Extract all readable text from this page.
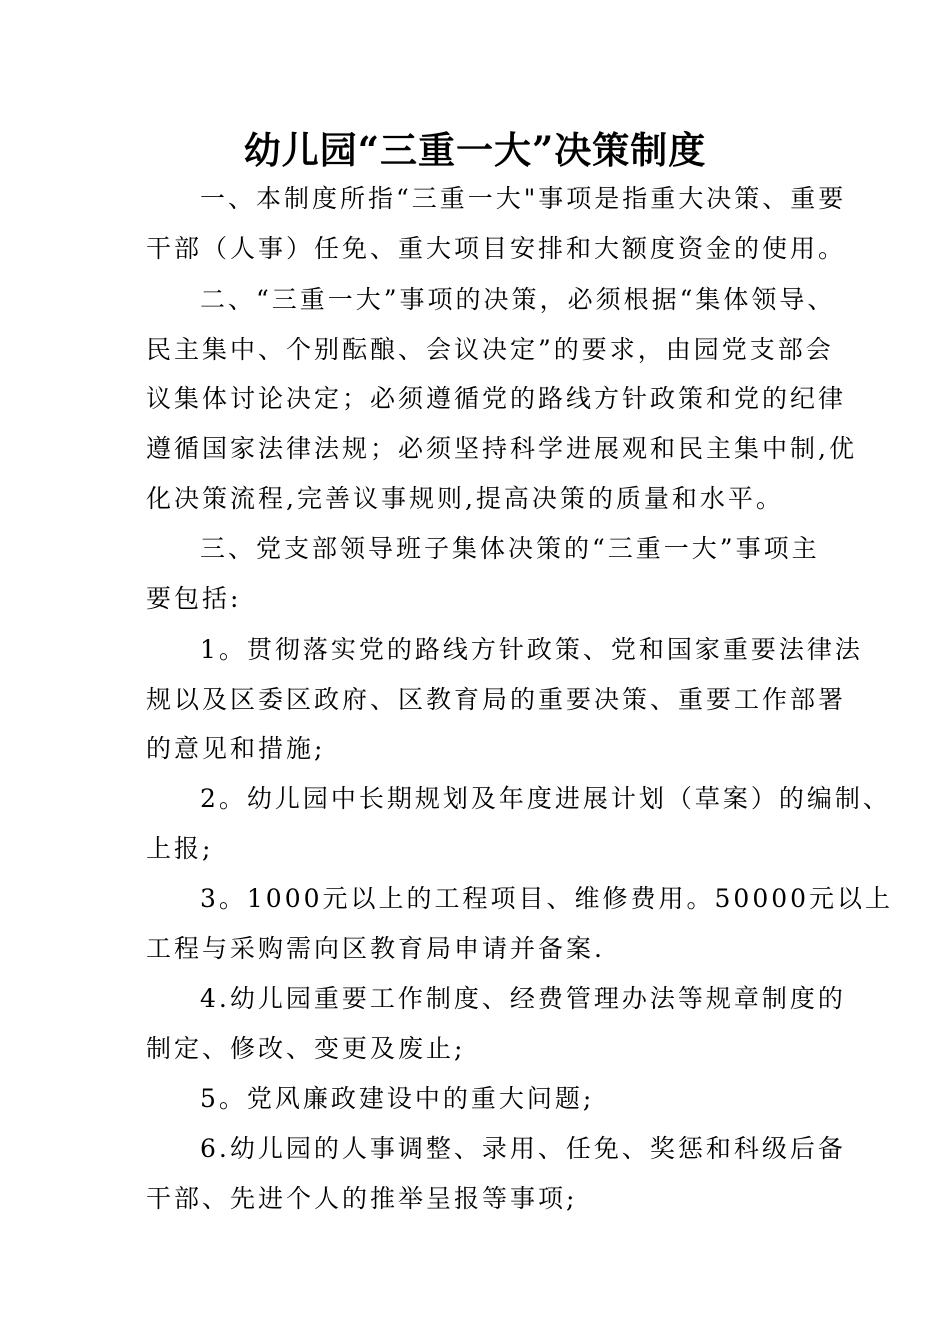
幼儿园“三重一大”决策制度
一、本制度所指“三重一大"事项是指重大决策、重要
干部（人事）任免、重大项目安排和大额度资金的使用。
二、“三重一大”事项的决策，必须根据“集体领导、
民主集中、个别酝酿、会议决定”的要求，由园党支部会
议集体讨论决定；必须遵循党的路线方针政策和党的纪律
遵循国家法律法规；必须坚持科学进展观和民主集中制,优
化决策流程,完善议事规则,提高决策的质量和水平。
三、党支部领导班子集体决策的“三重一大”事项主
要包括:
1。贯彻落实党的路线方针政策、党和国家重要法律法
规以及区委区政府、区教育局的重要决策、重要工作部署
的意见和措施;
2。幼儿园中长期规划及年度进展计划（草案）的编制、
上报;
3。1000元以上的工程项目、维修费用。50000元以上
工程与采购需向区教育局申请并备案.
4.幼儿园重要工作制度、经费管理办法等规章制度的
制定、修改、变更及废止;
5。党风廉政建设中的重大问题;
6.幼儿园的人事调整、录用、任免、奖惩和科级后备
干部、先进个人的推举呈报等事项;
